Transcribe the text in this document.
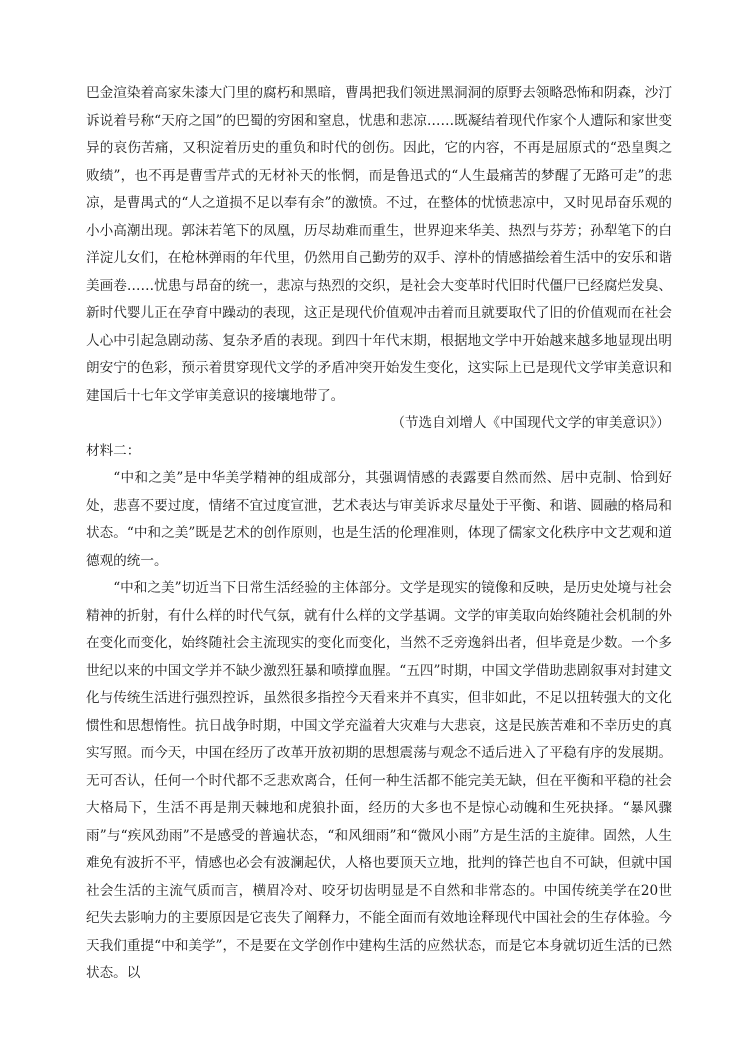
巴金渲染着高家朱漆大门里的腐朽和黑暗，曹禺把我们领进黑洞洞的原野去领略恐怖和阴森，沙汀诉说着号称“天府之国”的巴蜀的穷困和窒息，忧患和悲凉……既凝结着现代作家个人遭际和家世变异的哀伤苦痛，又积淀着历史的重负和时代的创伤。因此，它的内容，不再是屈原式的“恐皇舆之败绩”，也不再是曹雪芹式的无材补天的怅惘，而是鲁迅式的“人生最痛苦的梦醒了无路可走”的悲凉，是曹禺式的“人之道损不足以奉有余”的激愤。不过，在整体的忧愤悲凉中，又时见昂奋乐观的小小高潮出现。郭沫若笔下的凤凰，历尽劫难而重生，世界迎来华美、热烈与芬芳；孙犁笔下的白洋淀儿女们，在枪林弹雨的年代里，仍然用自己勤劳的双手、淳朴的情感描绘着生活中的安乐和谐美画卷……忧患与昂奋的统一，悲凉与热烈的交织，是社会大变革时代旧时代僵尸已经腐烂发臭、新时代婴儿正在孕育中躁动的表现，这正是现代价值观冲击着而且就要取代了旧的价值观而在社会人心中引起急剧动荡、复杂矛盾的表现。到四十年代末期，根据地文学中开始越来越多地显现出明朗安宁的色彩，预示着贯穿现代文学的矛盾冲突开始发生变化，这实际上已是现代文学审美意识和建国后十七年文学审美意识的接壤地带了。

（节选自刘增人《中国现代文学的审美意识》）

材料二：

“中和之美”是中华美学精神的组成部分，其强调情感的表露要自然而然、居中克制、恰到好处，悲喜不要过度，情绪不宜过度宣泄，艺术表达与审美诉求尽量处于平衡、和谐、圆融的格局和状态。“中和之美”既是艺术的创作原则，也是生活的伦理准则，体现了儒家文化秩序中文艺观和道德观的统一。

“中和之美”切近当下日常生活经验的主体部分。文学是现实的镜像和反映，是历史处境与社会精神的折射，有什么样的时代气氛，就有什么样的文学基调。文学的审美取向始终随社会机制的外在变化而变化，始终随社会主流现实的变化而变化，当然不乏旁逸斜出者，但毕竟是少数。一个多世纪以来的中国文学并不缺少激烈狂暴和喷撑血腥。“五四”时期，中国文学借助悲剧叙事对封建文化与传统生活进行强烈控诉，虽然很多指控今天看来并不真实，但非如此，不足以扭转强大的文化惯性和思想惰性。抗日战争时期，中国文学充溢着大灾难与大悲哀，这是民族苦难和不幸历史的真实写照。而今天，中国在经历了改革开放初期的思想震荡与观念不适后进入了平稳有序的发展期。无可否认，任何一个时代都不乏悲欢离合，任何一种生活都不能完美无缺，但在平衡和平稳的社会大格局下，生活不再是荆天棘地和虎狼扑面，经历的大多也不是惊心动魄和生死抉择。“暴风骤雨”与“疾风劲雨”不是感受的普遍状态，“和风细雨”和“微风小雨”方是生活的主旋律。固然，人生难免有波折不平，情感也必会有波澜起伏，人格也要顶天立地，批判的锋芒也自不可缺，但就中国社会生活的主流气质而言，横眉冷对、咬牙切齿明显是不自然和非常态的。中国传统美学在20世纪失去影响力的主要原因是它丧失了阐释力，不能全面而有效地诠释现代中国社会的生存体验。今天我们重提“中和美学”，不是要在文学创作中建构生活的应然状态，而是它本身就切近生活的已然状态。以
